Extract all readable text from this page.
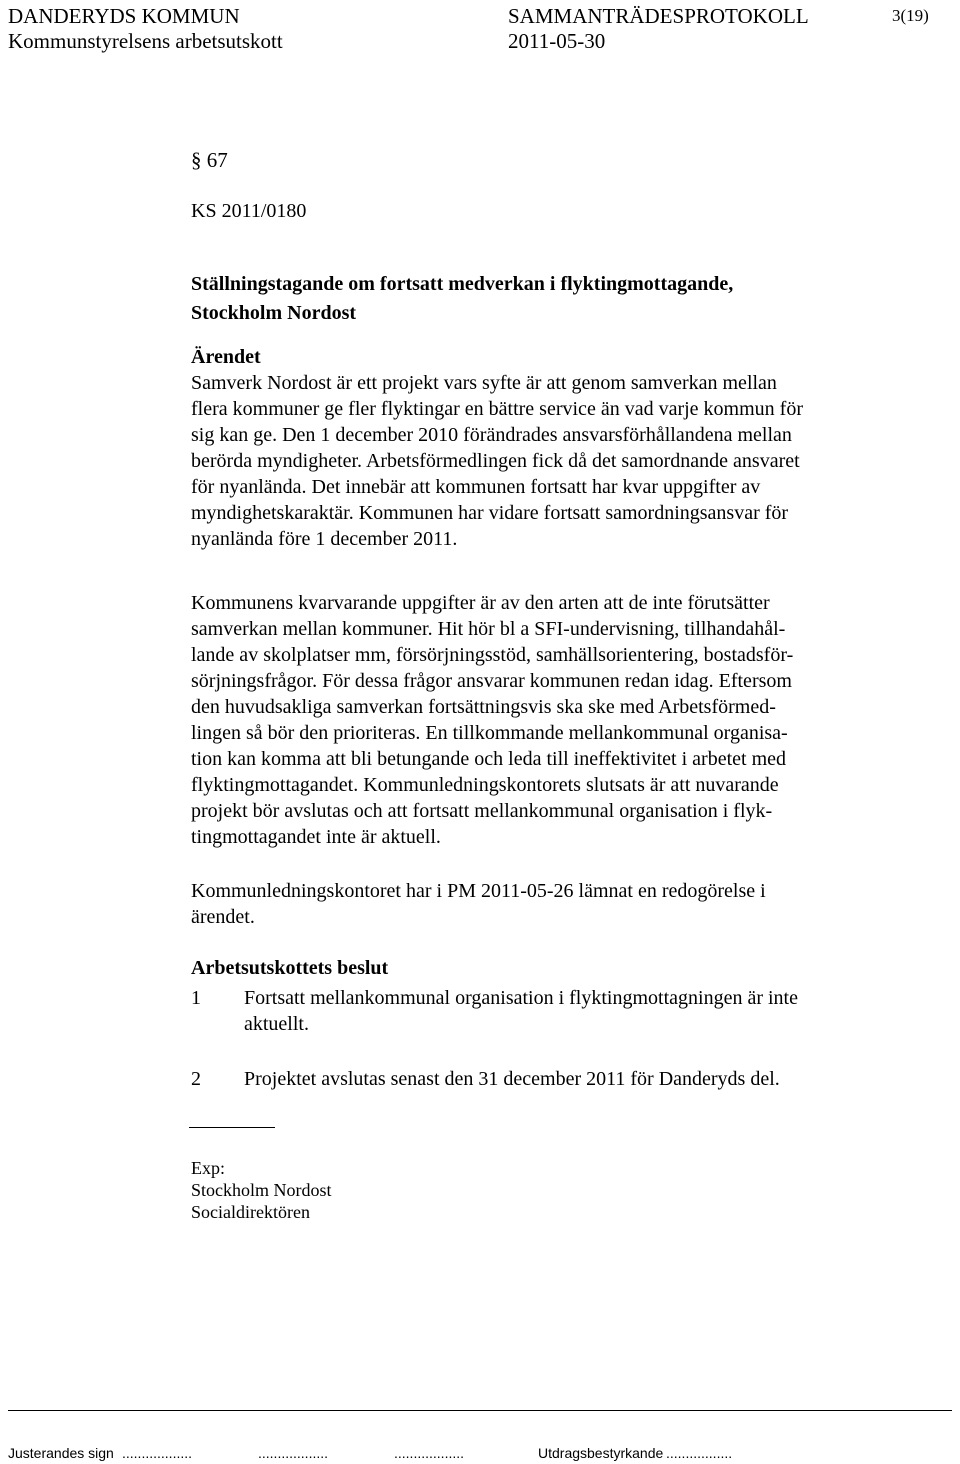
DANDERYDS KOMMUN	SAMMANTRÄDESPROTOKOLL	3(19)
Kommunstyrelsens arbetsutskott	2011-05-30
§ 67
KS 2011/0180
Ställningstagande om fortsatt medverkan i flyktingmottagande,
Stockholm Nordost
Ärendet
Samverk Nordost är ett projekt vars syfte är att genom samverkan mellan
flera kommuner ge fler flyktingar en bättre service än vad varje kommun för
sig kan ge. Den 1 december 2010 förändrades ansvarsförhållandena mellan
berörda myndigheter. Arbetsförmedlingen fick då det samordnande ansvaret
för nyanlända. Det innebär att kommunen fortsatt har kvar uppgifter av
myndighetskaraktär. Kommunen har vidare fortsatt samordningsansvar för
nyanlända före 1 december 2011.
Kommunens kvarvarande uppgifter är av den arten att de inte förutsätter
samverkan mellan kommuner. Hit hör bl a SFI-undervisning, tillhandahål-
lande av skolplatser mm, försörjningsstöd, samhällsorientering, bostadsför-
sörjningsfrågor. För dessa frågor ansvarar kommunen redan idag. Eftersom
den huvudsakliga samverkan fortsättningsvis ska ske med Arbetsförmed-
lingen så bör den prioriteras. En tillkommande mellankommunal organisa-
tion kan komma att bli betungande och leda till ineffektivitet i arbetet med
flyktingmottagandet. Kommunledningskontorets slutsats är att nuvarande
projekt bör avslutas och att fortsatt mellankommunal organisation i flyk-
tingmottagandet inte är aktuell.
Kommunledningskontoret har i PM 2011-05-26 lämnat en redogörelse i
ärendet.
Arbetsutskottets beslut
1 Fortsatt mellankommunal organisation i flyktingmottagningen är inte
aktuellt.
2 Projektet avslutas senast den 31 december 2011 för Danderyds del.
Exp:
Stockholm Nordost
Socialdirektören
Justerandes sign ..................	..................	..................	Utdragsbestyrkande .................
